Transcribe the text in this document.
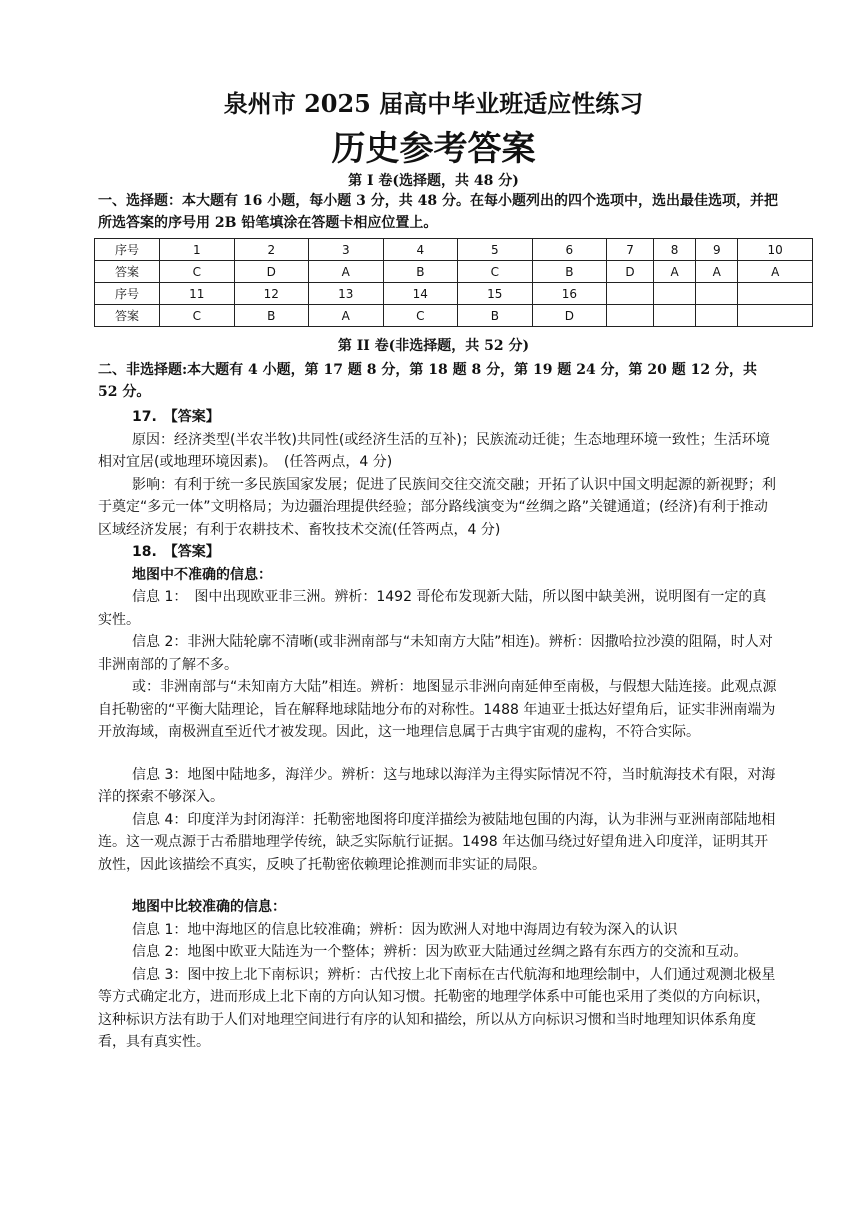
泉州市 2025 届高中毕业班适应性练习
历史参考答案
第 I 卷(选择题，共 48 分)
一、选择题：本大题有 16 小题，每小题 3 分，共 48 分。在每小题列出的四个选项中，选出最佳选项，并把所选答案的序号用 2B 铅笔填涂在答题卡相应位置上。
序号	1	2	3	4	5	6	7	8	9	10
答案	C	D	A	B	C	B	D	A	A	A
序号	11	12	13	14	15	16				
答案	C	B	A	C	B	D				
第 II 卷(非选择题，共 52 分)
二、非选择题:本大题有 4 小题，第 17 题 8 分，第 18 题 8 分，第 19 题 24 分，第 20 题 12 分，共 52 分。

17.　【答案】

原因：经济类型(半农半牧)共同性(或经济生活的互补)；民族流动迁徙；生态地理环境一致性；生活环境相对宜居(或地理环境因素)。　(任答两点，4 分)

影响：有利于统一多民族国家发展；促进了民族间交往交流交融；开拓了认识中国文明起源的新视野；利于奠定“多元一体”文明格局；为边疆治理提供经验；部分路线演变为“丝绸之路”关键通道；(经济)有利于推动区域经济发展；有利于农耕技术、畜牧技术交流(任答两点，4 分)

18.　【答案】

地图中不准确的信息：

信息 1：　图中出现欧亚非三洲。辨析：1492 哥伦布发现新大陆，所以图中缺美洲，说明图有一定的真实性。

信息 2：非洲大陆轮廓不清晰(或非洲南部与“未知南方大陆”相连)。辨析：因撒哈拉沙漠的阻隔，时人对非洲南部的了解不多。

或：非洲南部与“未知南方大陆”相连。辨析：地图显示非洲向南延伸至南极，与假想大陆连接。此观点源自托勒密的“平衡大陆理论，旨在解释地球陆地分布的对称性。1488 年迪亚士抵达好望角后，证实非洲南端为开放海域，南极洲直至近代才被发现。因此，这一地理信息属于古典宇宙观的虚构，不符合实际。

信息 3：地图中陆地多，海洋少。辨析：这与地球以海洋为主得实际情况不符，当时航海技术有限，对海洋的探索不够深入。

信息 4：印度洋为封闭海洋：托勒密地图将印度洋描绘为被陆地包围的内海，认为非洲与亚洲南部陆地相连。这一观点源于古希腊地理学传统，缺乏实际航行证据。1498 年达伽马绕过好望角进入印度洋，证明其开放性，因此该描绘不真实，反映了托勒密依赖理论推测而非实证的局限。

地图中比较准确的信息：

信息 1：地中海地区的信息比较准确；辨析：因为欧洲人对地中海周边有较为深入的认识

信息 2：地图中欧亚大陆连为一个整体；辨析：因为欧亚大陆通过丝绸之路有东西方的交流和互动。

信息 3：图中按上北下南标识；辨析：古代按上北下南标在古代航海和地理绘制中，人们通过观测北极星等方式确定北方，进而形成上北下南的方向认知习惯。托勒密的地理学体系中可能也采用了类似的方向标识，这种标识方法有助于人们对地理空间进行有序的认知和描绘，所以从方向标识习惯和当时地理知识体系角度看，具有真实性。
